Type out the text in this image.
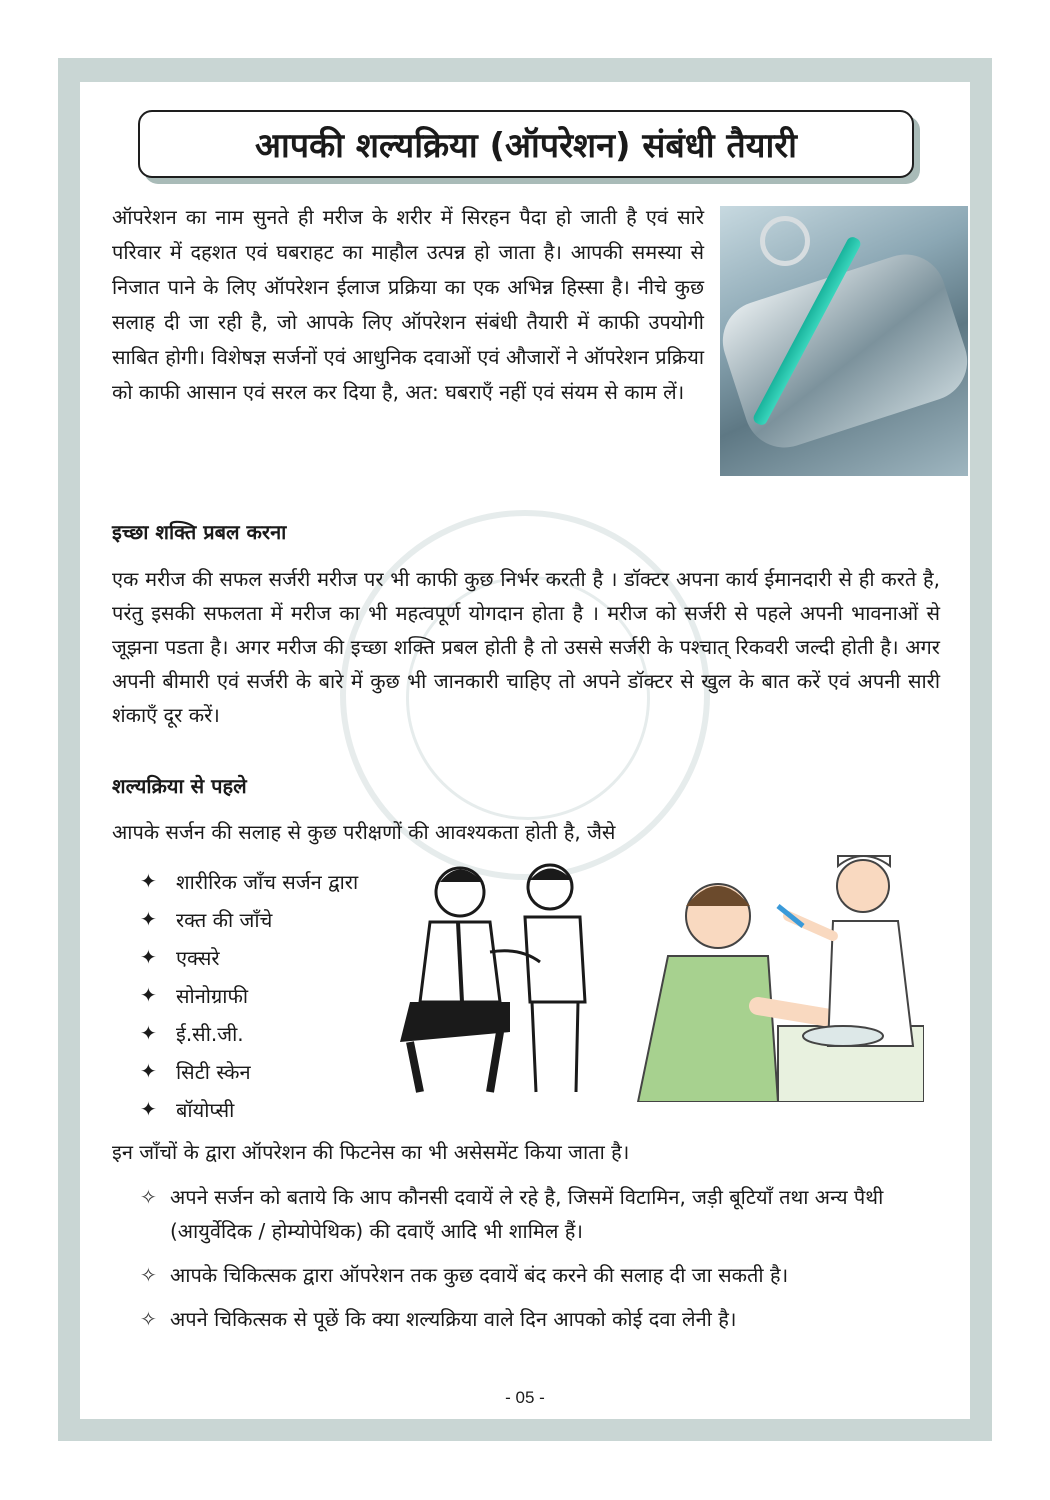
आपकी शल्यक्रिया (ऑपरेशन) संबंधी तैयारी
ऑपरेशन का नाम सुनते ही मरीज के शरीर में सिरहन पैदा हो जाती है एवं सारे परिवार में दहशत एवं घबराहट का माहौल उत्पन्न हो जाता है। आपकी समस्या से निजात पाने के लिए ऑपरेशन ईलाज प्रक्रिया का एक अभिन्न हिस्सा है। नीचे कुछ सलाह दी जा रही है, जो आपके लिए ऑपरेशन संबंधी तैयारी में काफी उपयोगी साबित होगी। विशेषज्ञ सर्जनों एवं आधुनिक दवाओं एवं औजारों ने ऑपरेशन प्रक्रिया को काफी आसान एवं सरल कर दिया है, अत: घबराएँ नहीं एवं संयम से काम लें।
इच्छा शक्ति प्रबल करना
एक मरीज की सफल सर्जरी मरीज पर भी काफी कुछ निर्भर करती है । डॉक्टर अपना कार्य ईमानदारी से ही करते है, परंतु इसकी सफलता में मरीज का भी महत्वपूर्ण योगदान होता है । मरीज को सर्जरी से पहले अपनी भावनाओं से जूझना पडता है। अगर मरीज की इच्छा शक्ति प्रबल होती है तो उससे सर्जरी के पश्चात् रिकवरी जल्दी होती है। अगर अपनी बीमारी एवं सर्जरी के बारे में कुछ भी जानकारी चाहिए तो अपने डॉक्टर से खुल के बात करें एवं अपनी सारी शंकाएँ दूर करें।
शल्यक्रिया से पहले
आपके सर्जन की सलाह से कुछ परीक्षणों की आवश्यकता होती है, जैसे
✦ शारीरिक जाँच सर्जन द्वारा
✦ रक्त की जाँचे
✦ एक्सरे
✦ सोनोग्राफी
✦ ई.सी.जी.
✦ सिटी स्केन
✦ बॉयोप्सी
इन जाँचों के द्वारा ऑपरेशन की फिटनेस का भी असेसमेंट किया जाता है।
✧ अपने सर्जन को बताये कि आप कौनसी दवायें ले रहे है, जिसमें विटामिन, जड़ी बूटियाँ तथा अन्य पैथी (आयुर्वेदिक / होम्योपेथिक) की दवाएँ आदि भी शामिल हैं।
✧ आपके चिकित्सक द्वारा ऑपरेशन तक कुछ दवायें बंद करने की सलाह दी जा सकती है।
✧ अपने चिकित्सक से पूछें कि क्या शल्यक्रिया वाले दिन आपको कोई दवा लेनी है।
- 05 -
